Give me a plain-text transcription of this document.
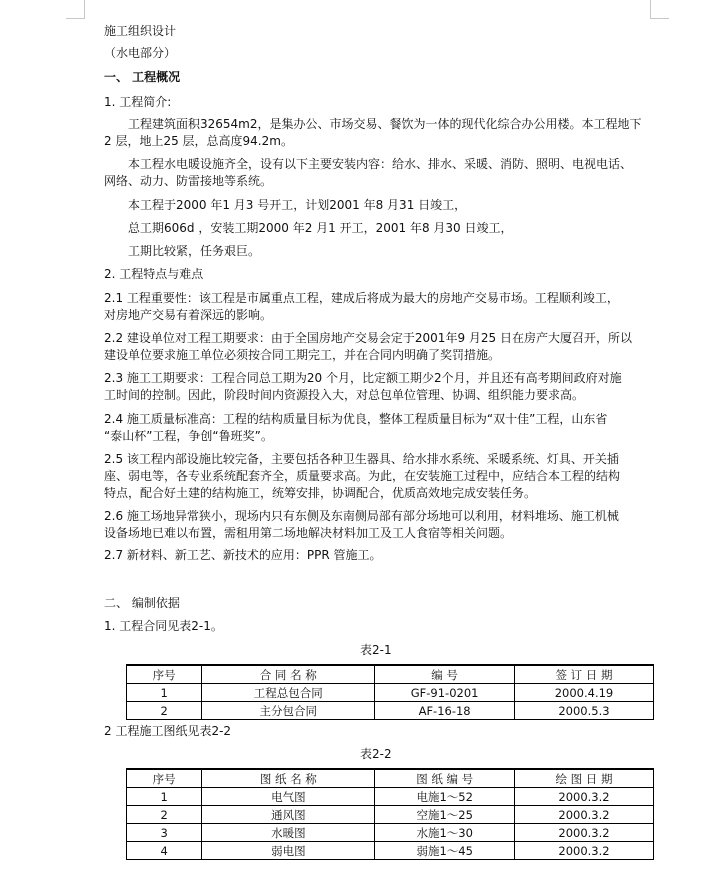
施工组织设计
（水电部分）
一、 工程概况
1. 工程简介:
工程建筑面积32654m2，是集办公、市场交易、餐饮为一体的现代化综合办公用楼。本工程地下
2 层，地上25 层，总高度94.2m。
本工程水电暖设施齐全，设有以下主要安装内容：给水、排水、采暖、消防、照明、电视电话、
网络、动力、防雷接地等系统。
本工程于2000 年1 月3 号开工，计划2001 年8 月31 日竣工，
总工期606d ，安装工期2000 年2 月1 开工，2001 年8 月30 日竣工，
工期比较紧，任务艰巨。
2. 工程特点与难点
2.1 工程重要性：该工程是市属重点工程，建成后将成为最大的房地产交易市场。工程顺利竣工，
对房地产交易有着深远的影响。
2.2 建设单位对工程工期要求：由于全国房地产交易会定于2001年9 月25 日在房产大厦召开，所以
建设单位要求施工单位必须按合同工期完工，并在合同内明确了奖罚措施。
2.3 施工工期要求：工程合同总工期为20 个月，比定额工期少2个月，并且还有高考期间政府对施
工时间的控制。因此，阶段时间内资源投入大，对总包单位管理、协调、组织能力要求高。
2.4 施工质量标准高：工程的结构质量目标为优良，整体工程质量目标为“双十佳”工程，山东省
“泰山杯”工程，争创“鲁班奖”。
2.5 该工程内部设施比较完备，主要包括各种卫生器具、给水排水系统、采暖系统、灯具、开关插
座、弱电等，各专业系统配套齐全，质量要求高。为此，在安装施工过程中，应结合本工程的结构
特点，配合好土建的结构施工，统筹安排，协调配合，优质高效地完成安装任务。
2.6 施工场地异常狭小，现场内只有东侧及东南侧局部有部分场地可以利用，材料堆场、施工机械
设备场地已难以布置，需租用第二场地解决材料加工及工人食宿等相关问题。
2.7 新材料、新工艺、新技术的应用：PPR 管施工。
二、 编制依据
1. 工程合同见表2-1。
表2-1
序号	合 同 名 称	编 号	签 订 日 期
1	工程总包合同	GF-91-0201	2000.4.19
2	主分包合同	AF-16-18	2000.5.3
2 工程施工图纸见表2-2
表2-2
序号	图 纸 名 称	图 纸 编 号	绘 图 日 期
1	电气图	电施1～52	2000.3.2
2	通风图	空施1～25	2000.3.2
3	水暖图	水施1～30	2000.3.2
4	弱电图	弱施1～45	2000.3.2
